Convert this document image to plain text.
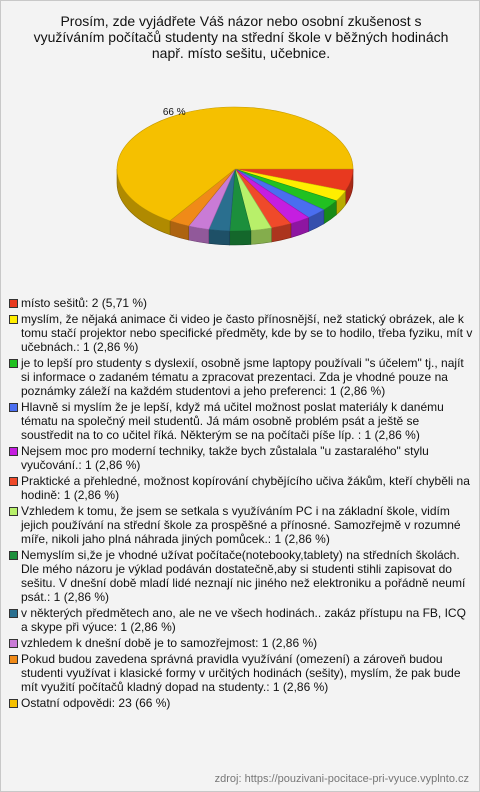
Prosím, zde vyjádřete Váš názor nebo osobní zkušenost s
využíváním počítačů studenty na střední škole v běžných hodinách
např. místo sešitu, učebnice.
66 %
místo sešitů: 2 (5,71 %)
myslím, že nějaká animace či video je často přínosnější, než statický obrázek, ale k tomu stačí projektor nebo specifické předměty, kde by se to hodilo, třeba fyziku, mít v učebnách.: 1 (2,86 %)
je to lepší pro studenty s dyslexií, osobně jsme laptopy používali "s účelem" tj., najít si informace o zadaném tématu a zpracovat prezentaci. Zda je vhodné pouze na poznámky záleží na každém studentovi a jeho preferenci: 1 (2,86 %)
Hlavně si myslím že je lepší, když má učitel možnost poslat materiály k danému tématu na společný meil studentů. Já mám osobně problém psát a ještě se soustředit na to co učitel říká. Některým se na počítači píše líp. : 1 (2,86 %)
Nejsem moc pro moderní techniky, takže bych zůstalala "u zastaralého" stylu vyučování.: 1 (2,86 %)
Praktické a přehledné, možnost kopírování chybějícího učiva žákům, kteří chyběli na hodině: 1 (2,86 %)
Vzhledem k tomu, že jsem se setkala s využíváním PC i na základní škole, vidím jejich používání na střední škole za prospěšné a přínosné. Samozřejmě v rozumné míře, nikoli jaho plná náhrada jiných pomůcek.: 1 (2,86 %)
Nemyslím si,že je vhodné užívat počítače(notebooky,tablety) na středních školách. Dle mého názoru je výklad podáván dostatečně,aby si studenti stihli zapisovat do sešitu. V dnešní době mladí lidé neznají nic jiného než elektroniku a pořádně neumí psát.: 1 (2,86 %)
v některých předmětech ano, ale ne ve všech hodinách.. zakáz přístupu na FB, ICQ a skype při výuce: 1 (2,86 %)
vzhledem k dnešní době je to samozřejmost: 1 (2,86 %)
Pokud budou zavedena správná pravidla využívání (omezení) a zároveň budou studenti využívat i klasické formy v určitých hodinách (sešity), myslím, že pak bude mít využití počítačů kladný dopad na studenty.: 1 (2,86 %)
Ostatní odpovědi: 23 (66 %)
zdroj: https://pouzivani-pocitace-pri-vyuce.vyplnto.cz
